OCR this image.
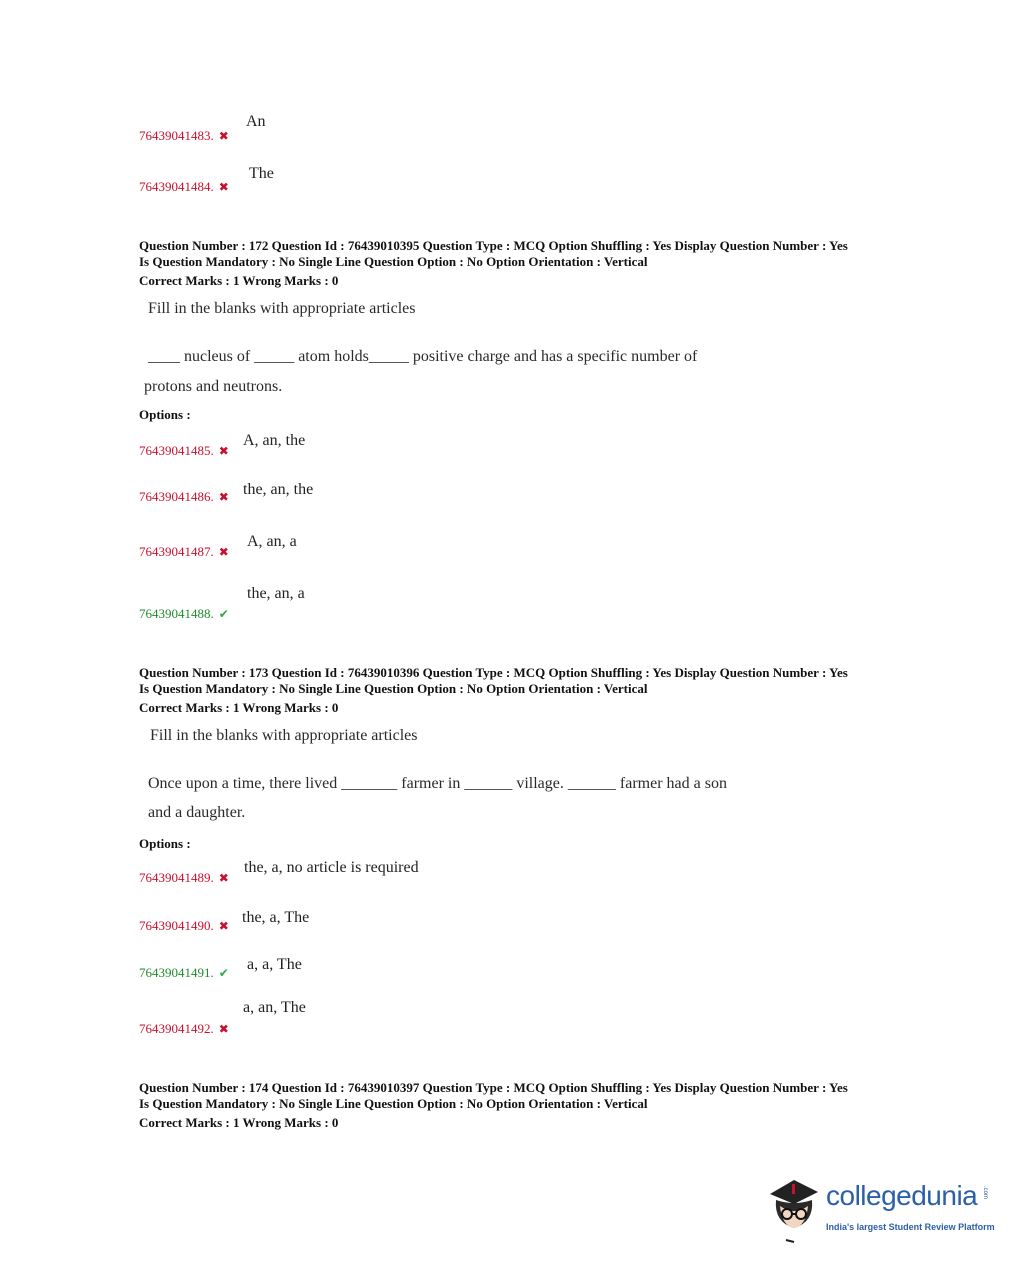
An
76439041483. ✖
The
76439041484. ✖
Question Number : 172 Question Id : 76439010395 Question Type : MCQ Option Shuffling : Yes Display Question Number : Yes
Is Question Mandatory : No Single Line Question Option : No Option Orientation : Vertical
Correct Marks : 1 Wrong Marks : 0
Fill in the blanks with appropriate articles
____ nucleus of _____ atom holds_____ positive charge and has a specific number of
protons and neutrons.
Options :
A, an, the
76439041485. ✖
the, an, the
76439041486. ✖
A, an, a
76439041487. ✖
the, an, a
76439041488. ✔
Question Number : 173 Question Id : 76439010396 Question Type : MCQ Option Shuffling : Yes Display Question Number : Yes
Is Question Mandatory : No Single Line Question Option : No Option Orientation : Vertical
Correct Marks : 1 Wrong Marks : 0
Fill in the blanks with appropriate articles
Once upon a time, there lived _______ farmer in ______ village. ______ farmer had a son
and a daughter.
Options :
the, a, no article is required
76439041489. ✖
the, a, The
76439041490. ✖
a, a, The
76439041491. ✔
a, an, The
76439041492. ✖
Question Number : 174 Question Id : 76439010397 Question Type : MCQ Option Shuffling : Yes Display Question Number : Yes
Is Question Mandatory : No Single Line Question Option : No Option Orientation : Vertical
Correct Marks : 1 Wrong Marks : 0
collegedunia .com
India's largest Student Review Platform
